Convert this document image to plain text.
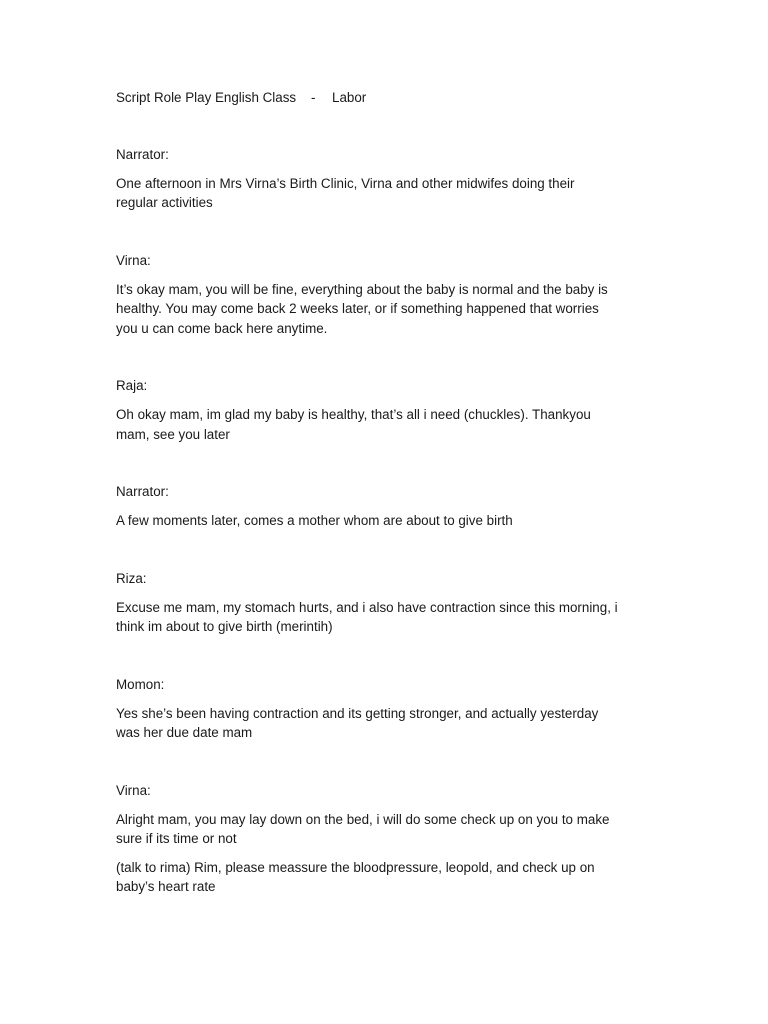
Script Role Play English Class - Labor
Narrator:
One afternoon in Mrs Virna’s Birth Clinic, Virna and other midwifes doing their
regular activities
Virna:
It’s okay mam, you will be fine, everything about the baby is normal and the baby is
healthy. You may come back 2 weeks later, or if something happened that worries
you u can come back here anytime.
Raja:
Oh okay mam, im glad my baby is healthy, that’s all i need (chuckles). Thankyou
mam, see you later
Narrator:
A few moments later, comes a mother whom are about to give birth
Riza:
Excuse me mam, my stomach hurts, and i also have contraction since this morning, i
think im about to give birth (merintih)
Momon:
Yes she’s been having contraction and its getting stronger, and actually yesterday
was her due date mam
Virna:
Alright mam, you may lay down on the bed, i will do some check up on you to make
sure if its time or not
(talk to rima) Rim, please meassure the bloodpressure, leopold, and check up on
baby’s heart rate
